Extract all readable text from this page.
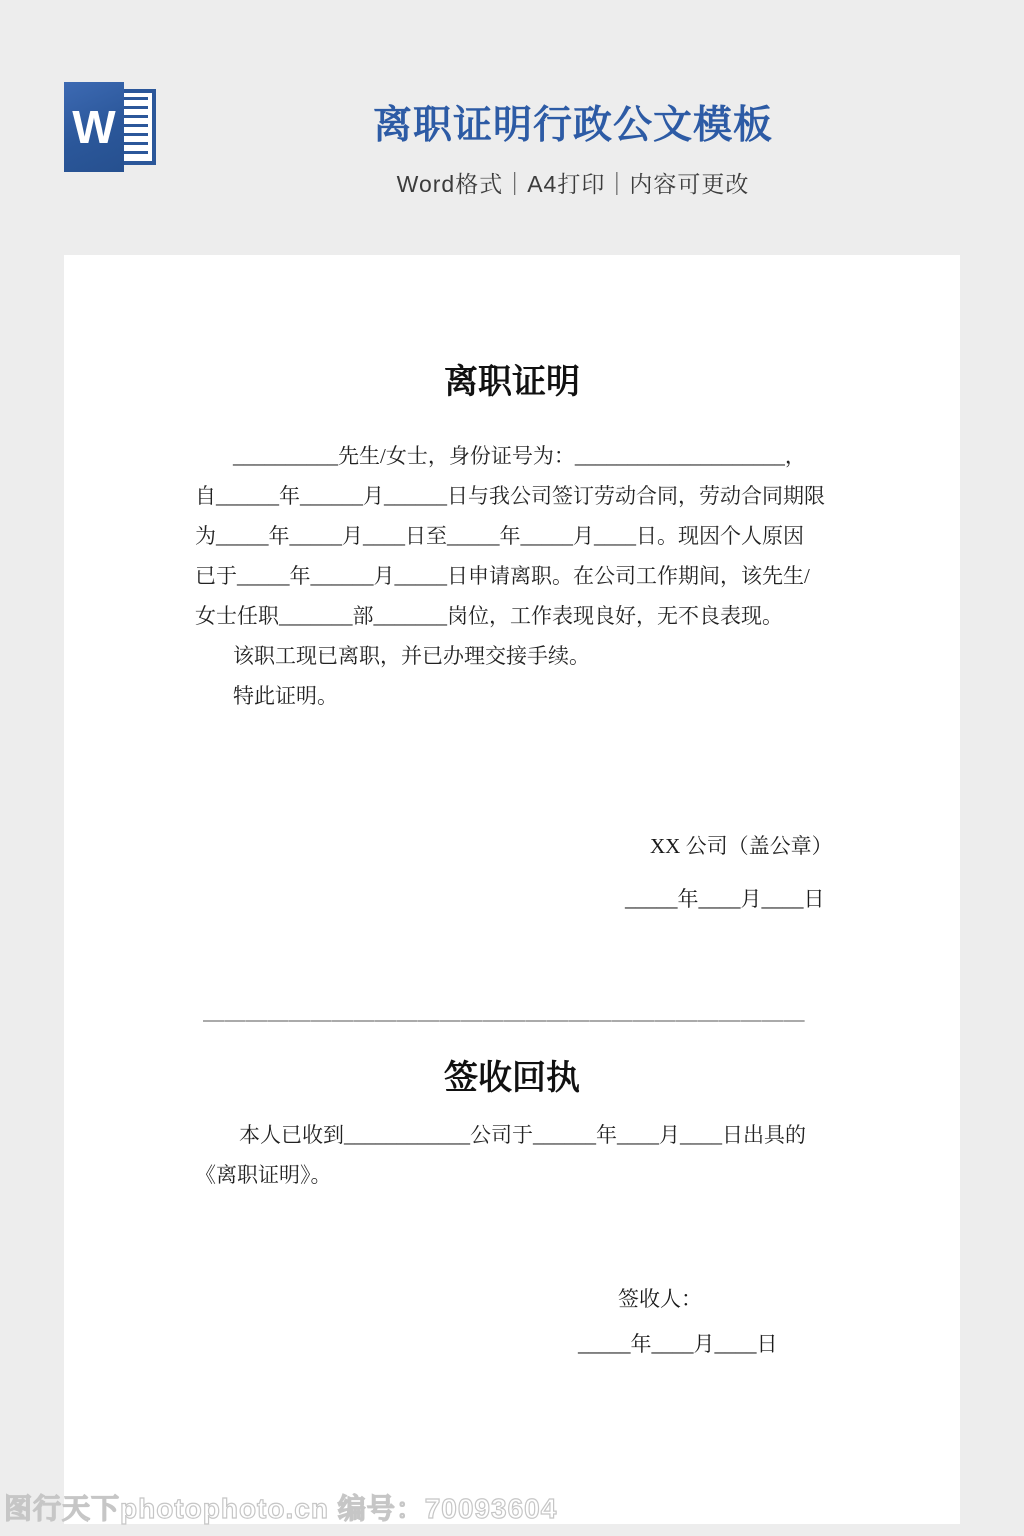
W	离职证明行政公文模板
Word格式｜A4打印｜内容可更改
离职证明
__________先生/女士，身份证号为：____________________，
自______年______月______日与我公司签订劳动合同，劳动合同期限
为_____年_____月____日至_____年_____月____日。现因个人原因
已于_____年______月_____日申请离职。在公司工作期间，该先生/
女士任职_______部_______岗位，工作表现良好，无不良表现。
该职工现已离职，并已办理交接手续。
特此证明。
XX 公司（盖公章）
_____年____月____日
————————————————————————————
签收回执
本人已收到____________公司于______年____月____日出具的
《离职证明》。
签收人：
_____年____月____日
图行天下photophoto.cn 编号：70093604
